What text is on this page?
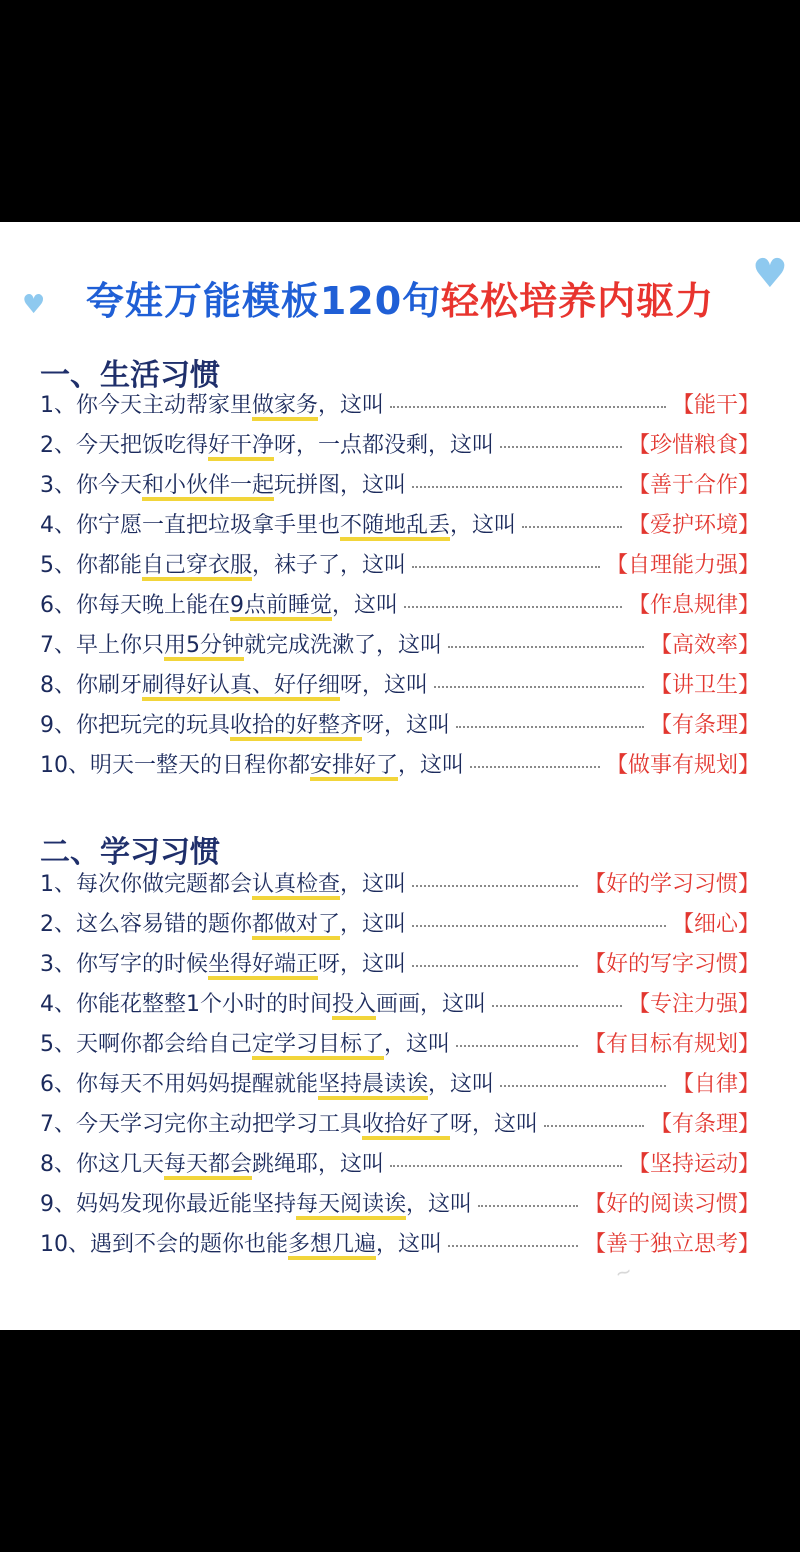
♥
♥
夸娃万能模板120句轻松培养内驱力
一、生活习惯
1、 你今天主动帮家里做家务 ，这叫	【能干】
2、 今天把饭吃得好干净呀，一点都没剩 ，这叫	【珍惜粮食】
3、 你今天和小伙伴一起玩拼图 ，这叫	【善于合作】
4、 你宁愿一直把垃圾拿手里也不随地乱丢 ，这叫	【爱护环境】
5、 你都能自己穿衣服，袜子了 ，这叫	【自理能力强】
6、 你每天晚上能在9点前睡觉 ，这叫	【作息规律】
7、 早上你只用5分钟就完成洗漱了 ，这叫	【高效率】
8、 你刷牙刷得好认真、好仔细呀 ，这叫	【讲卫生】
9、 你把玩完的玩具收拾的好整齐呀 ，这叫	【有条理】
10、 明天一整天的日程你都安排好了 ，这叫	【做事有规划】
二、学习习惯
1、 每次你做完题都会认真检查 ，这叫	【好的学习习惯】
2、 这么容易错的题你都做对了 ，这叫	【细心】
3、 你写字的时候坐得好端正呀 ，这叫	【好的写字习惯】
4、 你能花整整1个小时的时间投入画画 ，这叫	【专注力强】
5、 天啊你都会给自己定学习目标了 ，这叫	【有目标有规划】
6、 你每天不用妈妈提醒就能坚持晨读诶 ，这叫	【自律】
7、 今天学习完你主动把学习工具收拾好了呀 ，这叫	【有条理】
8、 你这几天每天都会跳绳耶 ，这叫	【坚持运动】
9、 妈妈发现你最近能坚持每天阅读诶 ，这叫	【好的阅读习惯】
10、 遇到不会的题你也能多想几遍 ，这叫	【善于独立思考】
~
